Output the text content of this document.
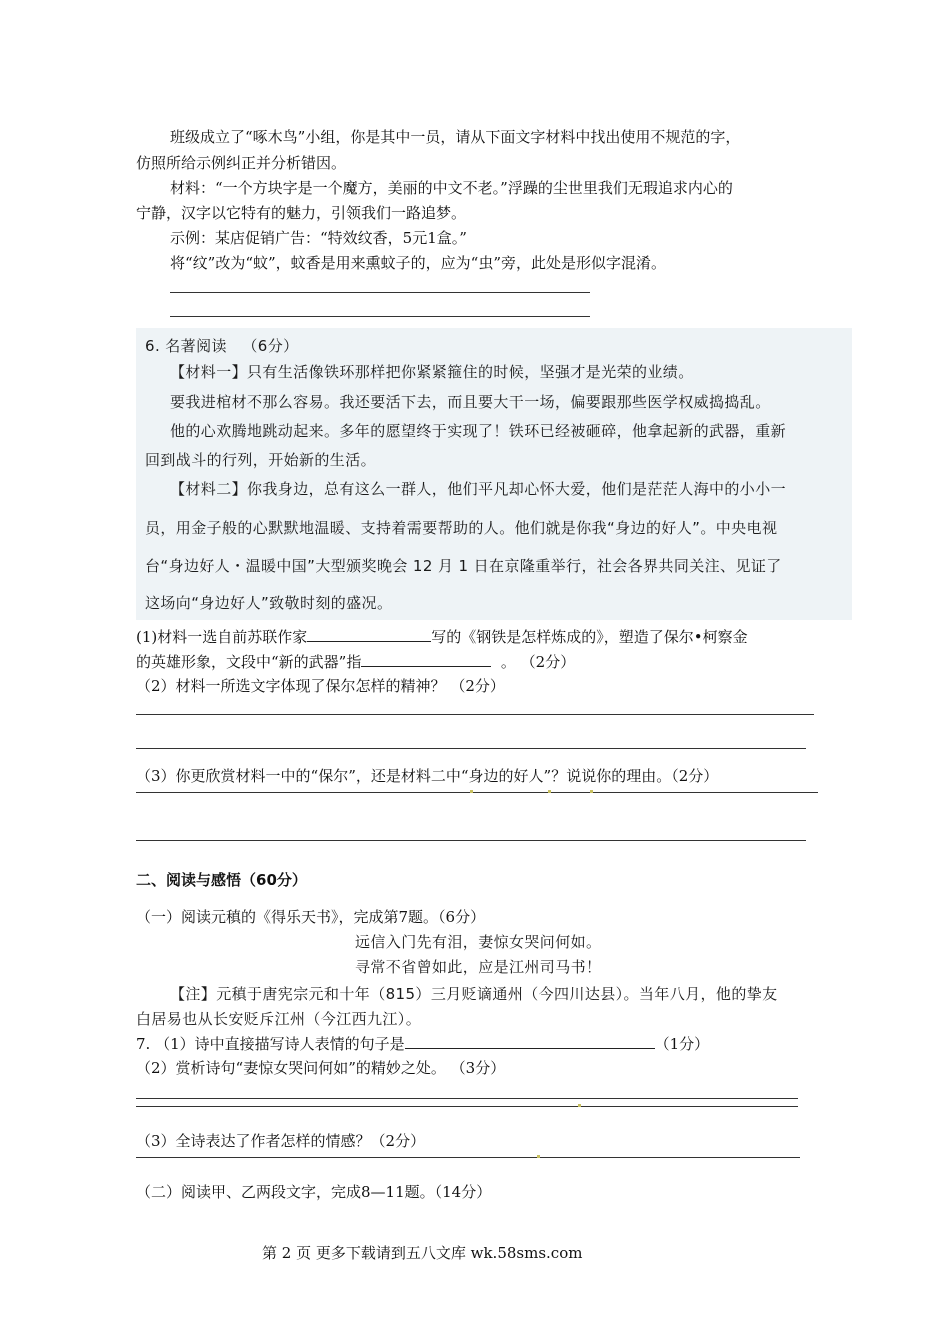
班级成立了“啄木鸟”小组，你是其中一员，请从下面文字材料中找出使用不规范的字，
仿照所给示例纠正并分析错因。
材料：“一个方块字是一个魔方，美丽的中文不老。”浮躁的尘世里我们无瑕追求内心的
宁静，汉字以它特有的魅力，引领我们一路追梦。
示例：某店促销广告：“特效纹香，5元1盒。”
将“纹”改为“蚊”，蚊香是用来熏蚊子的，应为“虫”旁，此处是形似字混淆。
6. 名著阅读 （6分）
【材料一】只有生活像铁环那样把你紧紧箍住的时候，坚强才是光荣的业绩。
要我进棺材不那么容易。我还要活下去，而且要大干一场，偏要跟那些医学权威捣捣乱。
他的心欢腾地跳动起来。多年的愿望终于实现了！铁环已经被砸碎，他拿起新的武器，重新
回到战斗的行列，开始新的生活。
【材料二】你我身边，总有这么一群人，他们平凡却心怀大爱，他们是茫茫人海中的小小一
员，用金子般的心默默地温暖、支持着需要帮助的人。他们就是你我“身边的好人”。中央电视
台“身边好人・温暖中国”大型颁奖晚会 12 月 1 日在京隆重举行，社会各界共同关注、见证了
这场向“身边好人”致敬时刻的盛况。
(1)材料一选自前苏联作家	写的《钢铁是怎样炼成的》，塑造了保尔•柯察金
的英雄形象，文段中“新的武器”指	。 （2分）
（2）材料一所选文字体现了保尔怎样的精神？ （2分）
（3）你更欣赏材料一中的“保尔”，还是材料二中“身边的好人”？说说你的理由。（2分）
二、阅读与感悟（60分）
（一）阅读元稹的《得乐天书》，完成第7题。（6分）
远信入门先有泪，妻惊女哭问何如。
寻常不省曾如此，应是江州司马书！
【注】元稹于唐宪宗元和十年（815）三月贬谪通州（今四川达县）。当年八月，他的挚友
白居易也从长安贬斥江州（今江西九江）。
7. （1）诗中直接描写诗人表情的句子是	（1分）
（2）赏析诗句“妻惊女哭问何如”的精妙之处。 （3分）
（3）全诗表达了作者怎样的情感？（2分）
（二）阅读甲、乙两段文字，完成8—11题。（14分）
第 2 页 更多下载请到五八文库 wk.58sms.com
